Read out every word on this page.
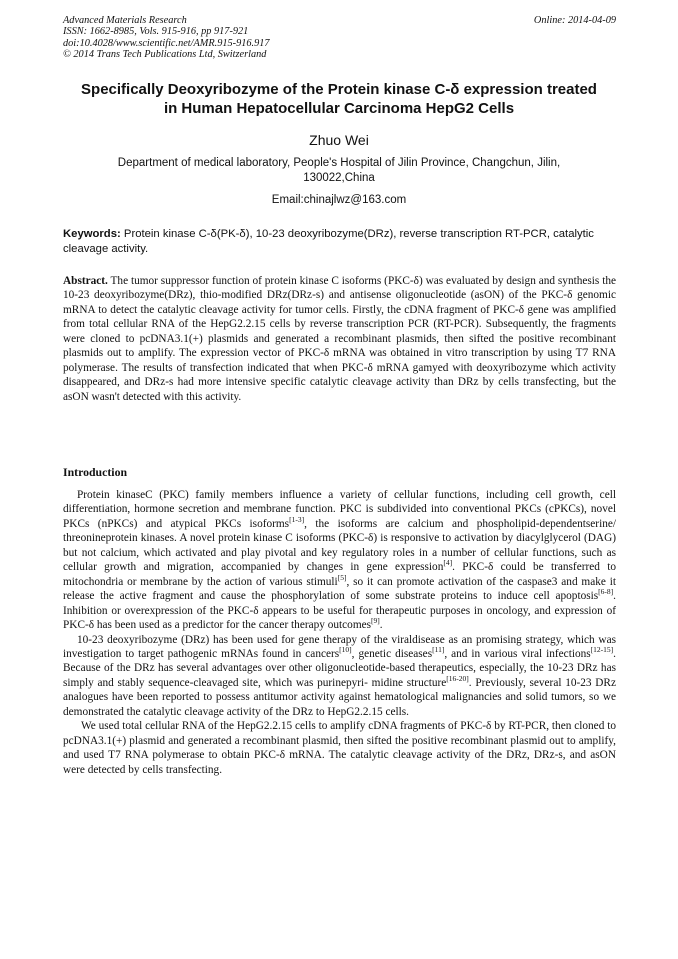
Advanced Materials Research
ISSN: 1662-8985, Vols. 915-916, pp 917-921
doi:10.4028/www.scientific.net/AMR.915-916.917
© 2014 Trans Tech Publications Ltd, Switzerland
Online: 2014-04-09
Specifically Deoxyribozyme of the Protein kinase C-δ expression treated
in Human Hepatocellular Carcinoma HepG2 Cells
Zhuo Wei
Department of medical laboratory, People's Hospital of Jilin Province, Changchun, Jilin,
130022,China
Email:chinajlwz@163.com
Keywords: Protein kinase C-δ(PK-δ), 10-23 deoxyribozyme(DRz), reverse transcription RT-PCR, catalytic cleavage activity.
Abstract. The tumor suppressor function of protein kinase C isoforms (PKC-δ) was evaluated by design and synthesis the 10-23 deoxyribozyme(DRz), thio-modified DRz(DRz-s) and antisense oligonucleotide (asON) of the PKC-δ genomic mRNA to detect the catalytic cleavage activity for tumor cells. Firstly, the cDNA fragment of PKC-δ gene was amplified from total cellular RNA of the HepG2.2.15 cells by reverse transcription PCR (RT-PCR). Subsequently, the fragments were cloned to pcDNA3.1(+) plasmids and generated a recombinant plasmids, then sifted the positive recombinant plasmids out to amplify. The expression vector of PKC-δ mRNA was obtained in vitro transcription by using T7 RNA polymerase. The results of transfection indicated that when PKC-δ mRNA gamyed with deoxyribozyme which activity disappeared, and DRz-s had more intensive specific catalytic cleavage activity than DRz by cells transfecting, but the asON wasn't detected with this activity.
Introduction

Protein kinaseC (PKC) family members influence a variety of cellular functions, including cell growth, cell differentiation, hormone secretion and membrane function. PKC is subdivided into conventional PKCs (cPKCs), novel PKCs (nPKCs) and atypical PKCs isoforms[1-3], the isoforms are calcium and phospholipid-dependentserine/ threonineprotein kinases. A novel protein kinase C isoforms (PKC-δ) is responsive to activation by diacylglycerol (DAG) but not calcium, which activated and play pivotal and key regulatory roles in a number of cellular functions, such as cellular growth and migration, accompanied by changes in gene expression[4]. PKC-δ could be transferred to mitochondria or membrane by the action of various stimuli[5], so it can promote activation of the caspase3 and make it release the active fragment and cause the phosphorylation of some substrate proteins to induce cell apoptosis[6-8]. Inhibition or overexpression of the PKC-δ appears to be useful for therapeutic purposes in oncology, and expression of PKC-δ has been used as a predictor for the cancer therapy outcomes[9].

10-23 deoxyribozyme (DRz) has been used for gene therapy of the viraldisease as an promising strategy, which was investigation to target pathogenic mRNAs found in cancers[10], genetic diseases[11], and in various viral infections[12-15]. Because of the DRz has several advantages over other oligonucleotide-based therapeutics, especially, the 10-23 DRz has simply and stably sequence-cleavaged site, which was purinepyri- midine structure[16-20]. Previously, several 10-23 DRz analogues have been reported to possess antitumor activity against hematological malignancies and solid tumors, so we demonstrated the catalytic cleavage activity of the DRz to HepG2.2.15 cells.

We used total cellular RNA of the HepG2.2.15 cells to amplify cDNA fragments of PKC-δ by RT-PCR, then cloned to pcDNA3.1(+) plasmid and generated a recombinant plasmid, then sifted the positive recombinant plasmid out to amplify, and used T7 RNA polymerase to obtain PKC-δ mRNA. The catalytic cleavage activity of the DRz, DRz-s, and asON were detected by cells transfecting.
